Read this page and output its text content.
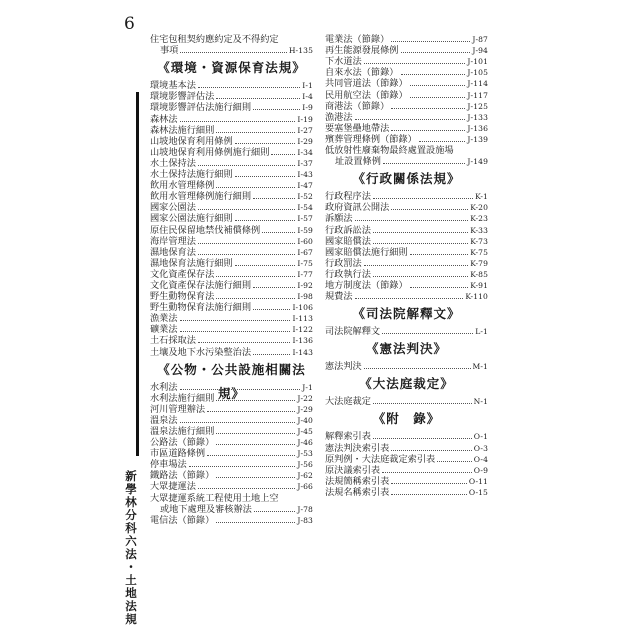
6
新學林分科六法・土地法規
住宅包租契約應約定及不得約定
事項	H-135
《環境・資源保育法規》
環境基本法	I-1
環境影響評估法	I-4
環境影響評估法施行細則	I-9
森林法	I-19
森林法施行細則	I-27
山坡地保育利用條例	I-29
山坡地保育利用條例施行細則	I-34
水土保持法	I-37
水土保持法施行細則	I-43
飲用水管理條例	I-47
飲用水管理條例施行細則	I-52
國家公園法	I-54
國家公園法施行細則	I-57
原住民保留地禁伐補償條例	I-59
海岸管理法	I-60
濕地保育法	I-67
濕地保育法施行細則	I-75
文化資產保存法	I-77
文化資產保存法施行細則	I-92
野生動物保育法	I-98
野生動物保育法施行細則	I-106
漁業法	I-113
礦業法	I-122
土石採取法	I-136
土壤及地下水污染整治法	I-143
《公物・公共設施相關法規》
水利法	J-1
水利法施行細則	J-22
河川管理辦法	J-29
溫泉法	J-40
溫泉法施行細則	J-45
公路法（節錄）	J-46
市區道路條例	J-53
停車場法	J-56
鐵路法（節錄）	J-62
大眾捷運法	J-66
大眾捷運系統工程使用土地上空
或地下處理及審核辦法	J-78
電信法（節錄）	J-83
電業法（節錄）	J-87
再生能源發展條例	J-94
下水道法	J-101
自來水法（節錄）	J-105
共同管道法（節錄）	J-114
民用航空法（節錄）	J-117
商港法（節錄）	J-125
漁港法	J-133
要塞堡壘地帶法	J-136
殯葬管理條例（節錄）	J-139
低放射性廢棄物最終處置設施場
址設置條例	J-149
《行政關係法規》
行政程序法	K-1
政府資訊公開法	K-20
訴願法	K-23
行政訴訟法	K-33
國家賠償法	K-73
國家賠償法施行細則	K-75
行政罰法	K-79
行政執行法	K-85
地方制度法（節錄）	K-91
規費法	K-110
《司法院解釋文》
司法院解釋文	L-1
《憲法判決》
憲法判決	M-1
《大法庭裁定》
大法庭裁定	N-1
《附　錄》
解釋索引表	O-1
憲法判決索引表	O-3
原判例・大法庭裁定索引表	O-4
原決議索引表	O-9
法規簡稱索引表	O-11
法規名稱索引表	O-15
